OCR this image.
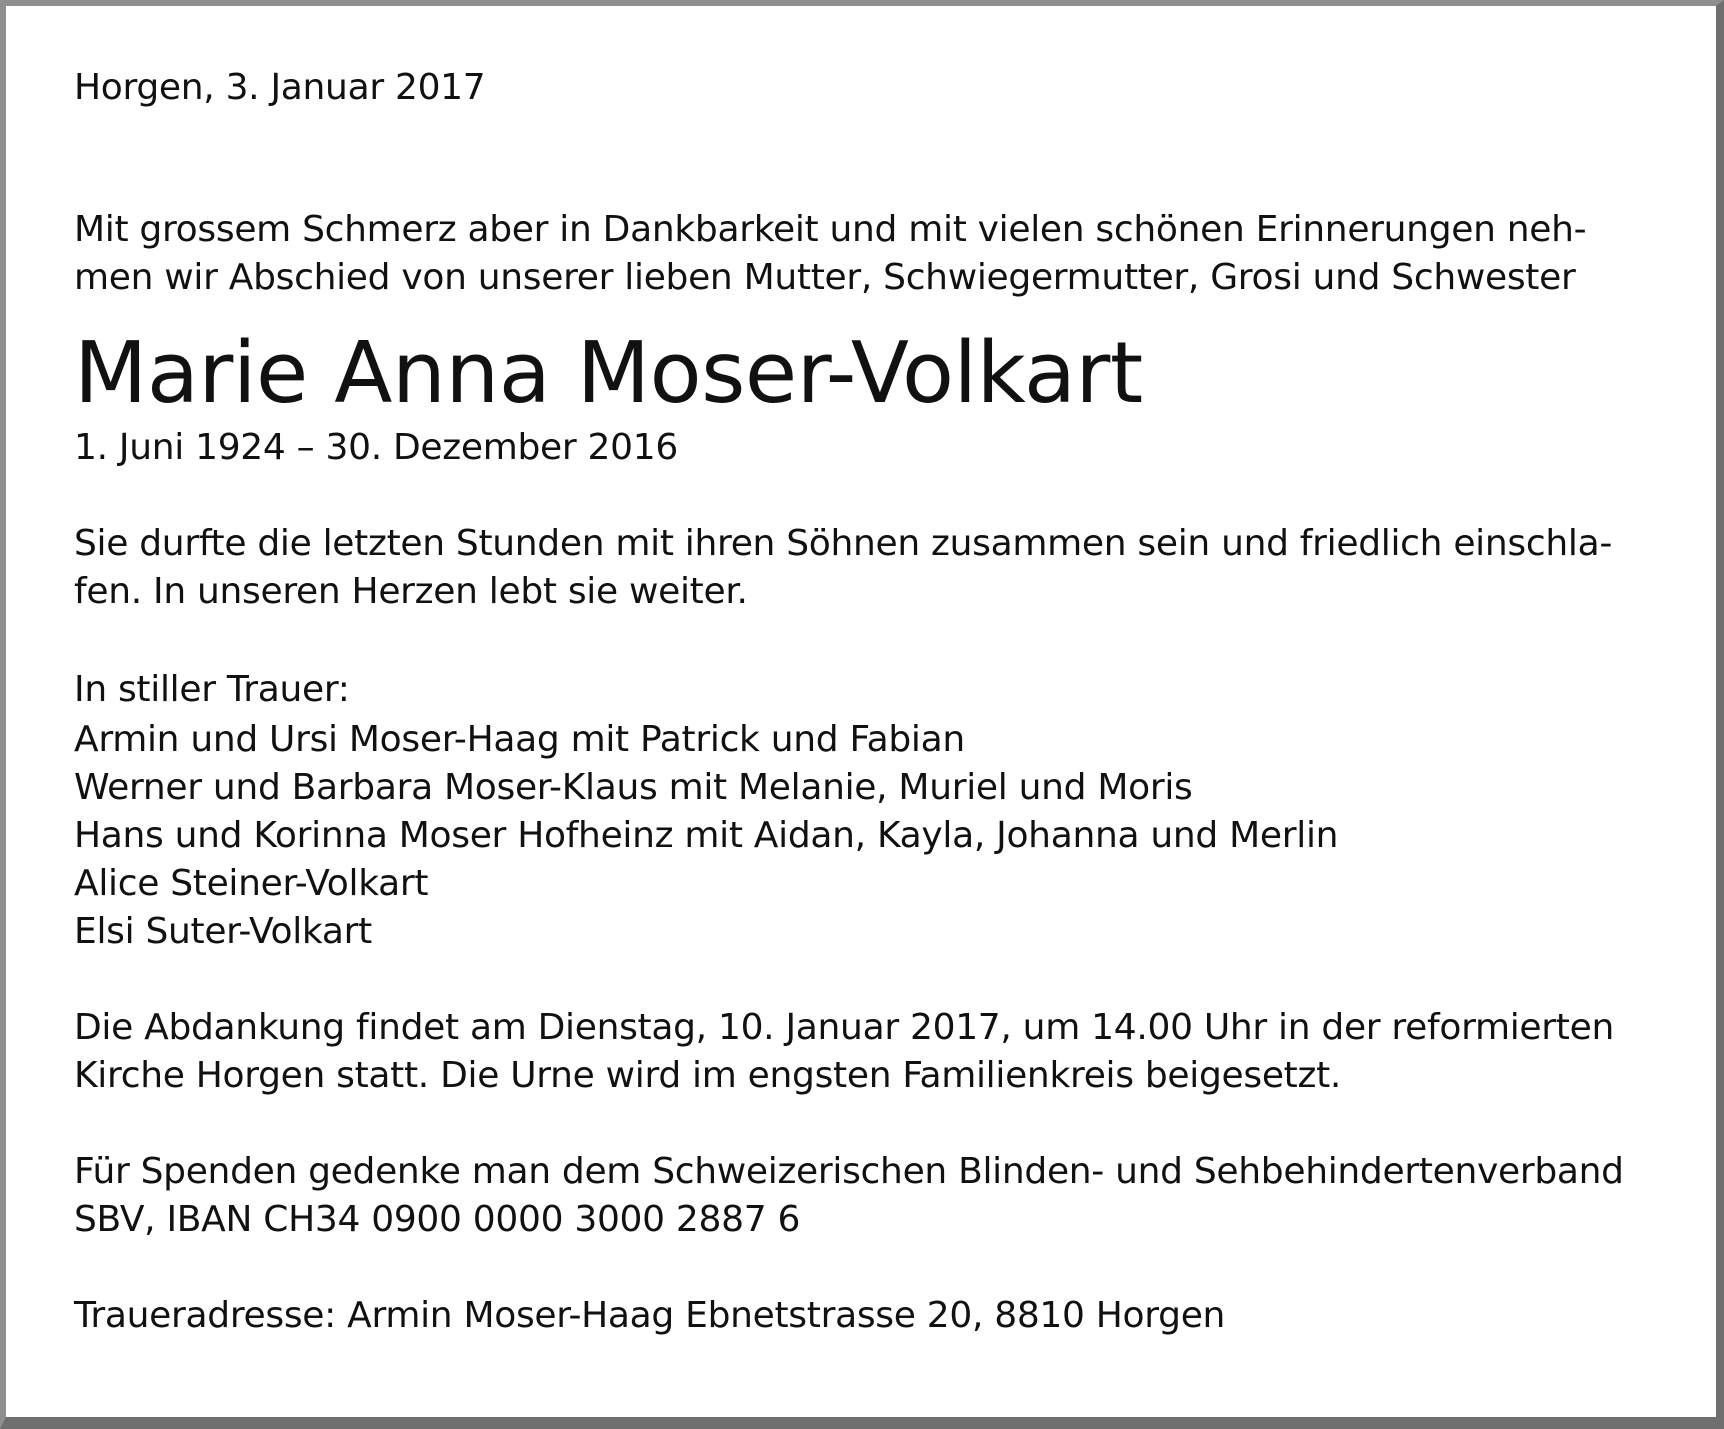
Horgen, 3. Januar 2017
Mit grossem Schmerz aber in Dankbarkeit und mit vielen schönen Erinnerungen neh-
men wir Abschied von unserer lieben Mutter, Schwiegermutter, Grosi und Schwester
Marie Anna Moser-Volkart
1. Juni 1924 – 30. Dezember 2016
Sie durfte die letzten Stunden mit ihren Söhnen zusammen sein und friedlich einschla-
fen. In unseren Herzen lebt sie weiter.
In stiller Trauer:
Armin und Ursi Moser-Haag mit Patrick und Fabian
Werner und Barbara Moser-Klaus mit Melanie, Muriel und Moris
Hans und Korinna Moser Hofheinz mit Aidan, Kayla, Johanna und Merlin
Alice Steiner-Volkart
Elsi Suter-Volkart
Die Abdankung findet am Dienstag, 10. Januar 2017, um 14.00 Uhr in der reformierten
Kirche Horgen statt. Die Urne wird im engsten Familienkreis beigesetzt.
Für Spenden gedenke man dem Schweizerischen Blinden- und Sehbehindertenverband
SBV, IBAN CH34 0900 0000 3000 2887 6
Traueradresse: Armin Moser-Haag Ebnetstrasse 20, 8810 Horgen
